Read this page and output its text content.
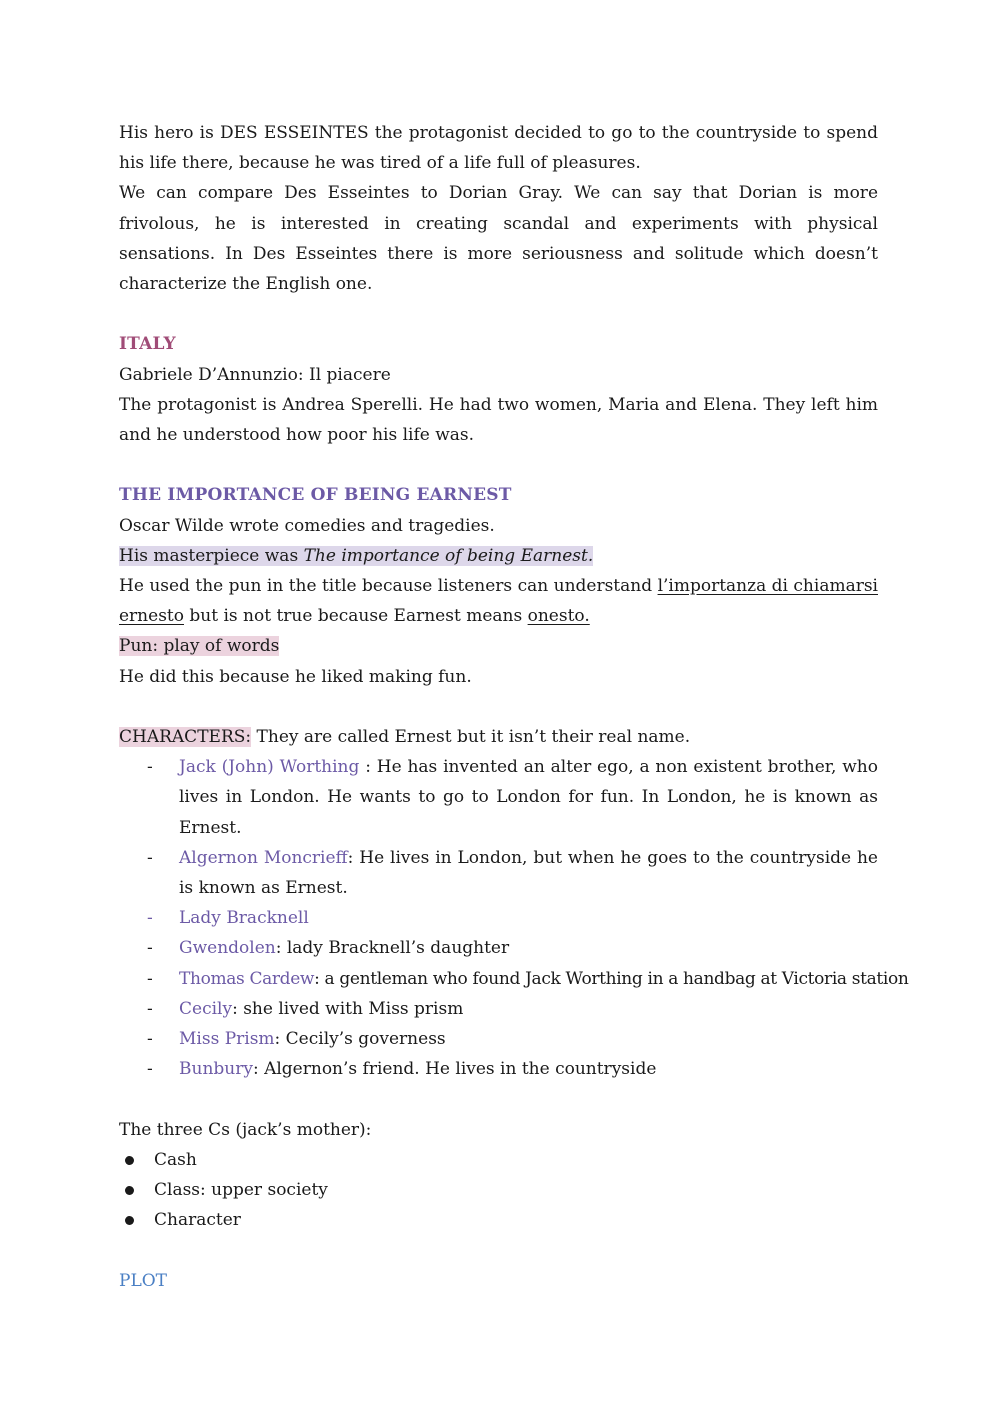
His hero is DES ESSEINTES the protagonist decided to go to the countryside to spend his life there, because he was tired of a life full of pleasures.

We can compare Des Esseintes to Dorian Gray. We can say that Dorian is more frivolous, he is interested in creating scandal and experiments with physical sensations. In Des Esseintes there is more seriousness and solitude which doesn’t characterize the English one.

ITALY

Gabriele D’Annunzio: Il piacere

The protagonist is Andrea Sperelli. He had two women, Maria and Elena. They left him and he understood how poor his life was.

THE IMPORTANCE OF BEING EARNEST

Oscar Wilde wrote comedies and tragedies.

His masterpiece was The importance of being Earnest.

He used the pun in the title because listeners can understand l’importanza di chiamarsi ernesto but is not true because Earnest means onesto.

Pun: play of words

He did this because he liked making fun.

CHARACTERS: They are called Ernest but it isn’t their real name.

- Jack (John) Worthing : He has invented an alter ego, a non existent brother, who lives in London. He wants to go to London for fun. In London, he is known as Ernest.
- Algernon Moncrieff: He lives in London, but when he goes to the countryside he is known as Ernest.
- Lady Bracknell
- Gwendolen: lady Bracknell’s daughter
- Thomas Cardew: a gentleman who found Jack Worthing in a handbag at Victoria station
- Cecily: she lived with Miss prism
- Miss Prism: Cecily’s governess
- Bunbury: Algernon’s friend. He lives in the countryside

The three Cs (jack’s mother):

Cash
Class: upper society
Character

PLOT
